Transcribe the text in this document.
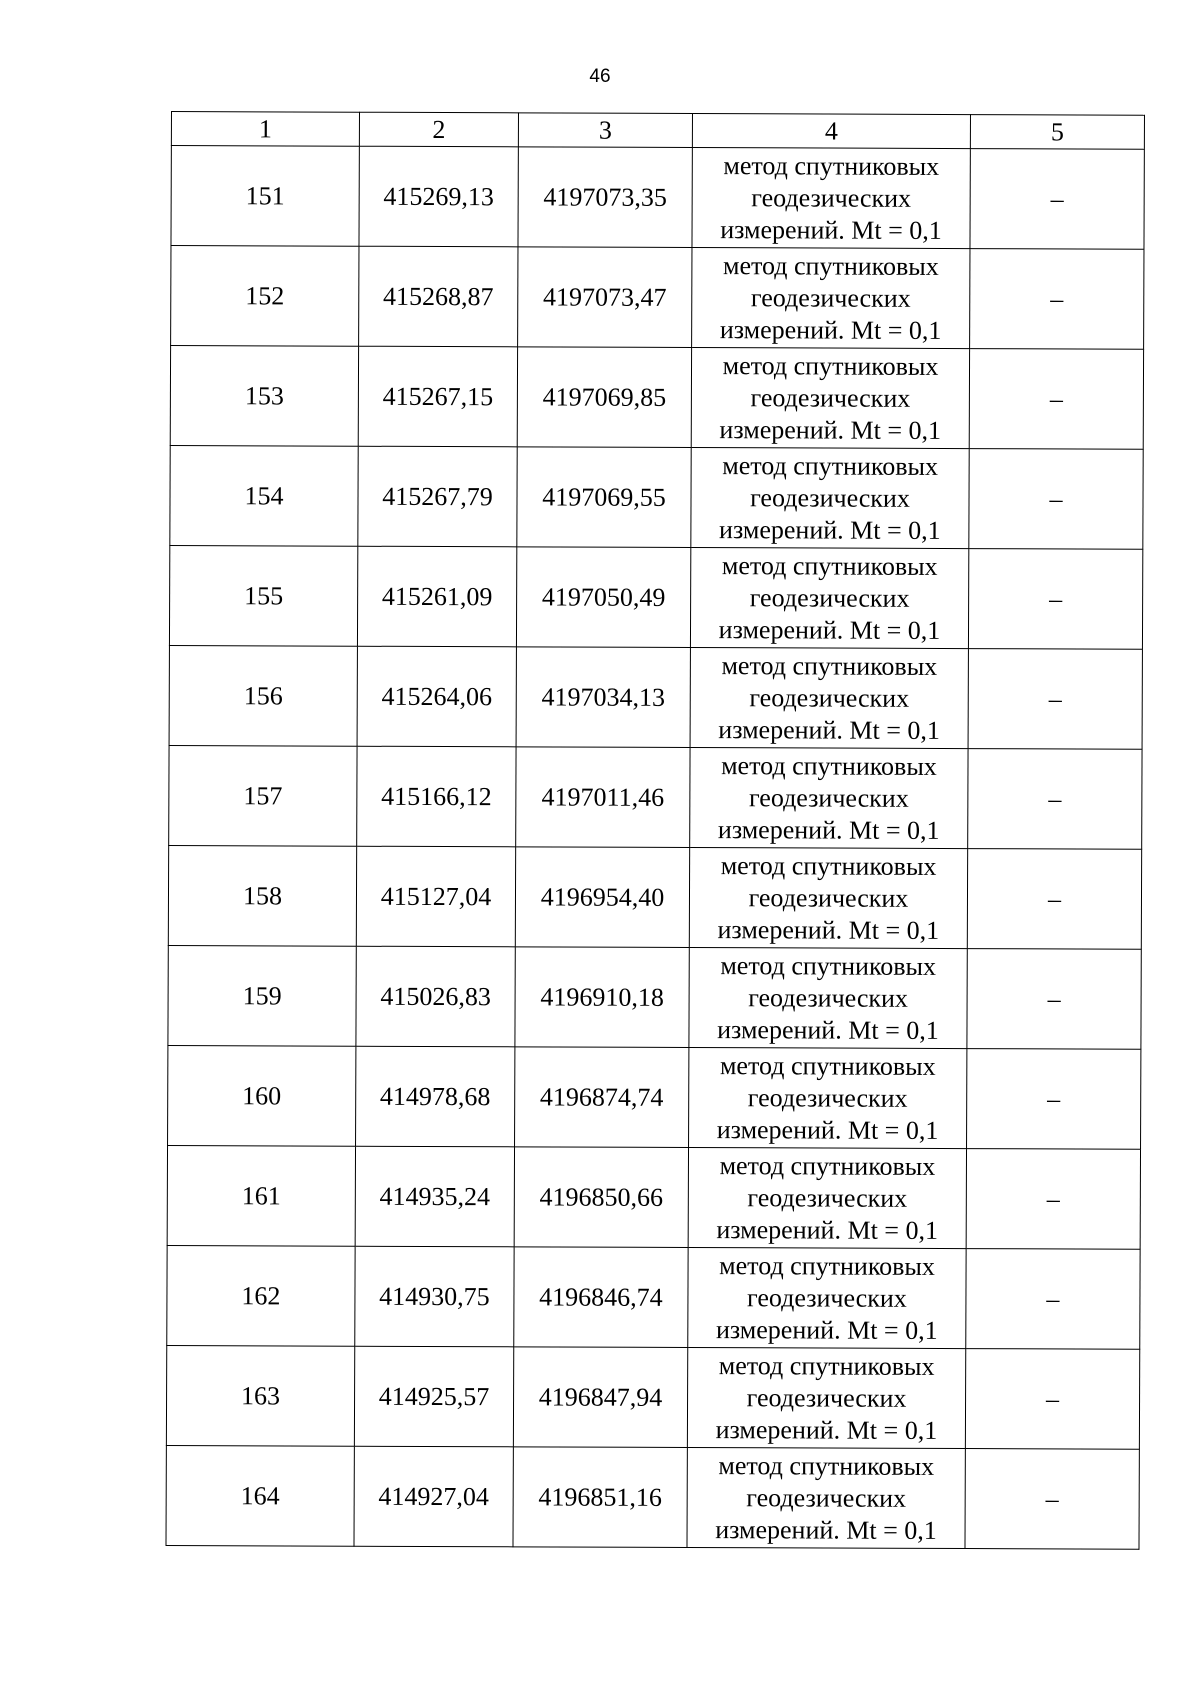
46
1	2	3	4	5
151	415269,13	4197073,35	метод спутниковых
геодезических
измерений. Mt = 0,1	–
152	415268,87	4197073,47	метод спутниковых
геодезических
измерений. Mt = 0,1	–
153	415267,15	4197069,85	метод спутниковых
геодезических
измерений. Mt = 0,1	–
154	415267,79	4197069,55	метод спутниковых
геодезических
измерений. Mt = 0,1	–
155	415261,09	4197050,49	метод спутниковых
геодезических
измерений. Mt = 0,1	–
156	415264,06	4197034,13	метод спутниковых
геодезических
измерений. Mt = 0,1	–
157	415166,12	4197011,46	метод спутниковых
геодезических
измерений. Mt = 0,1	–
158	415127,04	4196954,40	метод спутниковых
геодезических
измерений. Mt = 0,1	–
159	415026,83	4196910,18	метод спутниковых
геодезических
измерений. Mt = 0,1	–
160	414978,68	4196874,74	метод спутниковых
геодезических
измерений. Mt = 0,1	–
161	414935,24	4196850,66	метод спутниковых
геодезических
измерений. Mt = 0,1	–
162	414930,75	4196846,74	метод спутниковых
геодезических
измерений. Mt = 0,1	–
163	414925,57	4196847,94	метод спутниковых
геодезических
измерений. Mt = 0,1	–
164	414927,04	4196851,16	метод спутниковых
геодезических
измерений. Mt = 0,1	–
